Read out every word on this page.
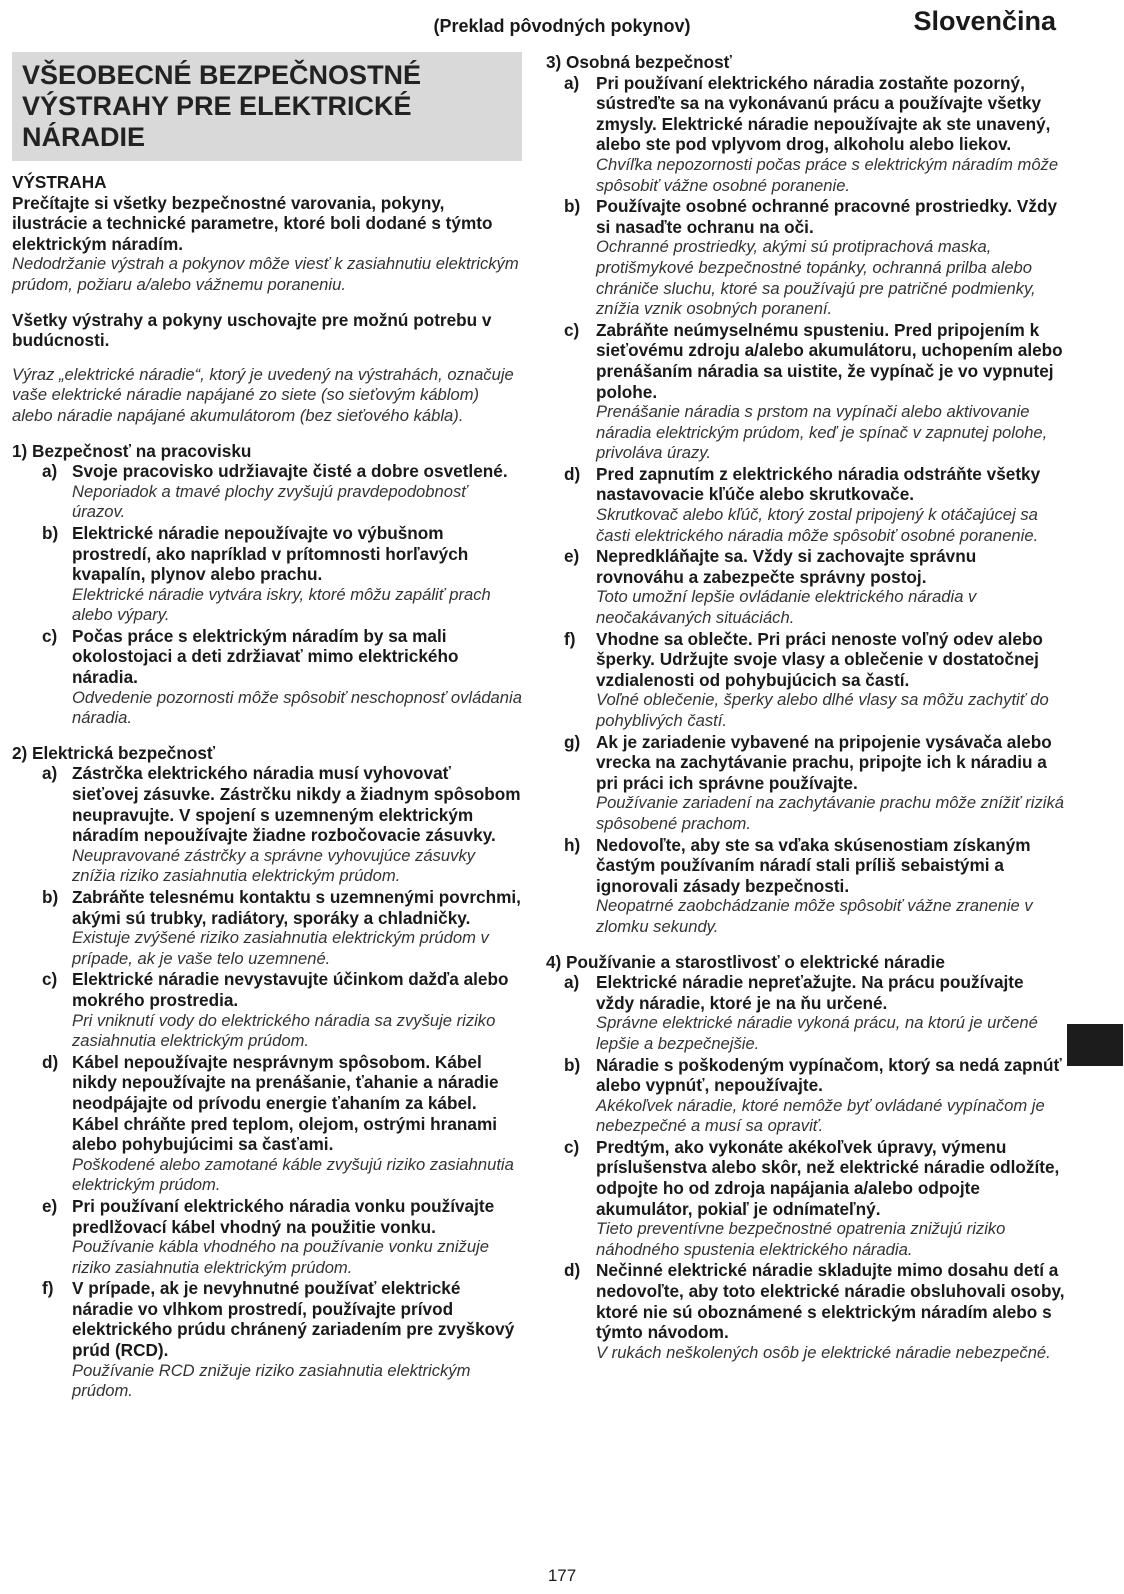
(Preklad pôvodných pokynov)	Slovenčina
VŠEOBECNÉ BEZPEČNOSTNÉ
VÝSTRAHY PRE ELEKTRICKÉ
NÁRADIE
VÝSTRAHA
Prečítajte si všetky bezpečnostné varovania, pokyny, ilustrácie a technické parametre, ktoré boli dodané s týmto elektrickým náradím.
Nedodržanie výstrah a pokynov môže viesť k zasiahnutiu elektrickým prúdom, požiaru a/alebo vážnemu poraneniu.
Všetky výstrahy a pokyny uschovajte pre možnú potrebu v budúcnosti.
Výraz „elektrické náradie“, ktorý je uvedený na výstrahách, označuje vaše elektrické náradie napájané zo siete (so sieťovým káblom) alebo náradie napájané akumulátorom (bez sieťového kábla).
1) Bezpečnosť na pracovisku
a) Svoje pracovisko udržiavajte čisté a dobre osvetlené.
Neporiadok a tmavé plochy zvyšujú pravdepodobnosť úrazov.
b) Elektrické náradie nepoužívajte vo výbušnom prostredí, ako napríklad v prítomnosti horľavých kvapalín, plynov alebo prachu.
Elektrické náradie vytvára iskry, ktoré môžu zapáliť prach alebo výpary.
c) Počas práce s elektrickým náradím by sa mali okolostojaci a deti zdržiavať mimo elektrického náradia.
Odvedenie pozornosti môže spôsobiť neschopnosť ovládania náradia.
2) Elektrická bezpečnosť
a) Zástrčka elektrického náradia musí vyhovovať sieťovej zásuvke. Zástrčku nikdy a žiadnym spôsobom neupravujte. V spojení s uzemneným elektrickým náradím nepoužívajte žiadne rozbočovacie zásuvky.
Neupravované zástrčky a správne vyhovujúce zásuvky znížia riziko zasiahnutia elektrickým prúdom.
b) Zabráňte telesnému kontaktu s uzemnenými povrchmi, akými sú trubky, radiátory, sporáky a chladničky.
Existuje zvýšené riziko zasiahnutia elektrickým prúdom v prípade, ak je vaše telo uzemnené.
c) Elektrické náradie nevystavujte účinkom dažďa alebo mokrého prostredia.
Pri vniknutí vody do elektrického náradia sa zvyšuje riziko zasiahnutia elektrickým prúdom.
d) Kábel nepoužívajte nesprávnym spôsobom. Kábel nikdy nepoužívajte na prenášanie, ťahanie a náradie neodpájajte od prívodu energie ťahaním za kábel. Kábel chráňte pred teplom, olejom, ostrými hranami alebo pohybujúcimi sa časťami.
Poškodené alebo zamotané káble zvyšujú riziko zasiahnutia elektrickým prúdom.
e) Pri používaní elektrického náradia vonku používajte predlžovací kábel vhodný na použitie vonku.
Používanie kábla vhodného na používanie vonku znižuje riziko zasiahnutia elektrickým prúdom.
f) V prípade, ak je nevyhnutné používať elektrické náradie vo vlhkom prostredí, používajte prívod elektrického prúdu chránený zariadením pre zvyškový prúd (RCD).
Používanie RCD znižuje riziko zasiahnutia elektrickým prúdom.
3) Osobná bezpečnosť
a) Pri používaní elektrického náradia zostaňte pozorný, sústreďte sa na vykonávanú prácu a používajte všetky zmysly. Elektrické náradie nepoužívajte ak ste unavený, alebo ste pod vplyvom drog, alkoholu alebo liekov.
Chvíľka nepozornosti počas práce s elektrickým náradím môže spôsobiť vážne osobné poranenie.
b) Používajte osobné ochranné pracovné prostriedky. Vždy si nasaďte ochranu na oči.
Ochranné prostriedky, akými sú protiprachová maska, protišmykové bezpečnostné topánky, ochranná prilba alebo chrániče sluchu, ktoré sa používajú pre patričné podmienky, znížia vznik osobných poranení.
c) Zabráňte neúmyselnému spusteniu. Pred pripojením k sieťovému zdroju a/alebo akumulátoru, uchopením alebo prenášaním náradia sa uistite, že vypínač je vo vypnutej polohe.
Prenášanie náradia s prstom na vypínači alebo aktivovanie náradia elektrickým prúdom, keď je spínač v zapnutej polohe, privoláva úrazy.
d) Pred zapnutím z elektrického náradia odstráňte všetky nastavovacie kľúče alebo skrutkovače.
Skrutkovač alebo kľúč, ktorý zostal pripojený k otáčajúcej sa časti elektrického náradia môže spôsobiť osobné poranenie.
e) Nepredkláňajte sa. Vždy si zachovajte správnu rovnováhu a zabezpečte správny postoj.
Toto umožní lepšie ovládanie elektrického náradia v neočakávaných situáciách.
f) Vhodne sa oblečte. Pri práci nenoste voľný odev alebo šperky. Udržujte svoje vlasy a oblečenie v dostatočnej vzdialenosti od pohybujúcich sa častí.
Voľné oblečenie, šperky alebo dlhé vlasy sa môžu zachytiť do pohyblivých častí.
g) Ak je zariadenie vybavené na pripojenie vysávača alebo vrecka na zachytávanie prachu, pripojte ich k náradiu a pri práci ich správne používajte.
Používanie zariadení na zachytávanie prachu môže znížiť riziká spôsobené prachom.
h) Nedovoľte, aby ste sa vďaka skúsenostiam získaným častým používaním náradí stali príliš sebaistými a ignorovali zásady bezpečnosti.
Neopatrné zaobchádzanie môže spôsobiť vážne zranenie v zlomku sekundy.
4) Používanie a starostlivosť o elektrické náradie
a) Elektrické náradie nepreťažujte. Na prácu používajte vždy náradie, ktoré je na ňu určené.
Správne elektrické náradie vykoná prácu, na ktorú je určené lepšie a bezpečnejšie.
b) Náradie s poškodeným vypínačom, ktorý sa nedá zapnúť alebo vypnúť, nepoužívajte.
Akékoľvek náradie, ktoré nemôže byť ovládané vypínačom je nebezpečné a musí sa opraviť.
c) Predtým, ako vykonáte akékoľvek úpravy, výmenu príslušenstva alebo skôr, než elektrické náradie odložíte, odpojte ho od zdroja napájania a/alebo odpojte akumulátor, pokiaľ je odnímateľný.
Tieto preventívne bezpečnostné opatrenia znižujú riziko náhodného spustenia elektrického náradia.
d) Nečinné elektrické náradie skladujte mimo dosahu detí a nedovoľte, aby toto elektrické náradie obsluhovali osoby, ktoré nie sú oboznámené s elektrickým náradím alebo s týmto návodom.
V rukách neškolených osôb je elektrické náradie nebezpečné.
177
